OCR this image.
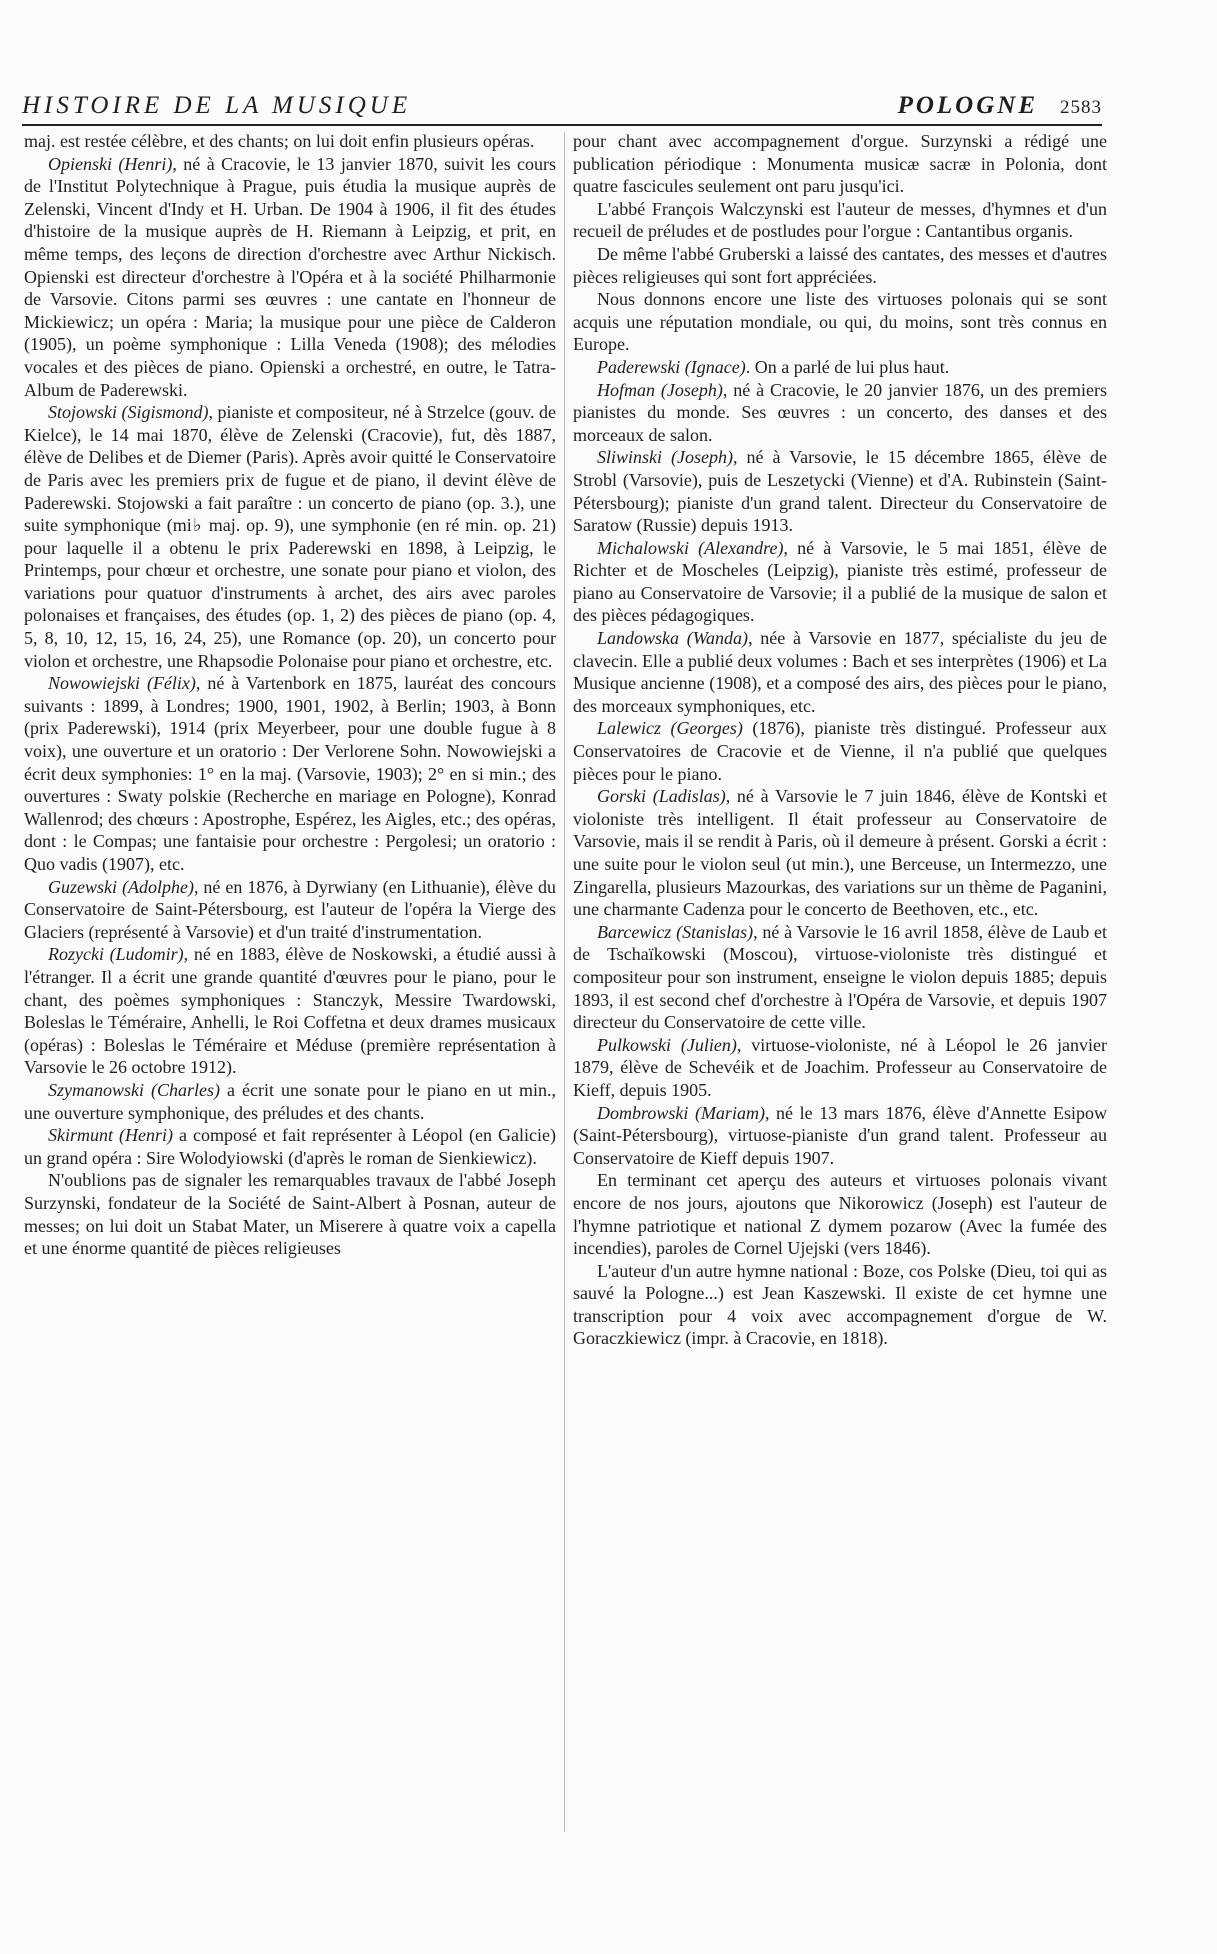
HISTOIRE DE LA MUSIQUE	POLOGNE 2583

maj. est restée célèbre, et des chants; on lui doit enfin plusieurs opéras.

Opienski (Henri), né à Cracovie, le 13 janvier 1870, suivit les cours de l'Institut Polytechnique à Prague, puis étudia la musique auprès de Zelenski, Vincent d'Indy et H. Urban. De 1904 à 1906, il fit des études d'histoire de la musique auprès de H. Riemann à Leipzig, et prit, en même temps, des leçons de direction d'orchestre avec Arthur Nickisch. Opienski est directeur d'orchestre à l'Opéra et à la société Philharmonie de Varsovie. Citons parmi ses œuvres : une cantate en l'honneur de Mickiewicz; un opéra : Maria; la musique pour une pièce de Calderon (1905), un poème symphonique : Lilla Veneda (1908); des mélodies vocales et des pièces de piano. Opienski a orchestré, en outre, le Tatra-Album de Paderewski.

Stojowski (Sigismond), pianiste et compositeur, né à Strzelce (gouv. de Kielce), le 14 mai 1870, élève de Zelenski (Cracovie), fut, dès 1887, élève de Delibes et de Diemer (Paris). Après avoir quitté le Conservatoire de Paris avec les premiers prix de fugue et de piano, il devint élève de Paderewski. Stojowski a fait paraître : un concerto de piano (op. 3.), une suite symphonique (mi♭ maj. op. 9), une symphonie (en ré min. op. 21) pour laquelle il a obtenu le prix Paderewski en 1898, à Leipzig, le Printemps, pour chœur et orchestre, une sonate pour piano et violon, des variations pour quatuor d'instruments à archet, des airs avec paroles polonaises et françaises, des études (op. 1, 2) des pièces de piano (op. 4, 5, 8, 10, 12, 15, 16, 24, 25), une Romance (op. 20), un concerto pour violon et orchestre, une Rhapsodie Polonaise pour piano et orchestre, etc.

Nowowiejski (Félix), né à Vartenbork en 1875, lauréat des concours suivants : 1899, à Londres; 1900, 1901, 1902, à Berlin; 1903, à Bonn (prix Paderewski), 1914 (prix Meyerbeer, pour une double fugue à 8 voix), une ouverture et un oratorio : Der Verlorene Sohn. Nowowiejski a écrit deux symphonies: 1° en la maj. (Varsovie, 1903); 2° en si min.; des ouvertures : Swaty polskie (Recherche en mariage en Pologne), Konrad Wallenrod; des chœurs : Apostrophe, Espérez, les Aigles, etc.; des opéras, dont : le Compas; une fantaisie pour orchestre : Pergolesi; un oratorio : Quo vadis (1907), etc.

Guzewski (Adolphe), né en 1876, à Dyrwiany (en Lithuanie), élève du Conservatoire de Saint-Pétersbourg, est l'auteur de l'opéra la Vierge des Glaciers (représenté à Varsovie) et d'un traité d'instrumentation.

Rozycki (Ludomir), né en 1883, élève de Noskowski, a étudié aussi à l'étranger. Il a écrit une grande quantité d'œuvres pour le piano, pour le chant, des poèmes symphoniques : Stanczyk, Messire Twardowski, Boleslas le Téméraire, Anhelli, le Roi Coffetna et deux drames musicaux (opéras) : Boleslas le Téméraire et Méduse (première représentation à Varsovie le 26 octobre 1912).

Szymanowski (Charles) a écrit une sonate pour le piano en ut min., une ouverture symphonique, des préludes et des chants.

Skirmunt (Henri) a composé et fait représenter à Léopol (en Galicie) un grand opéra : Sire Wolodyiowski (d'après le roman de Sienkiewicz).

N'oublions pas de signaler les remarquables travaux de l'abbé Joseph Surzynski, fondateur de la Société de Saint-Albert à Posnan, auteur de messes; on lui doit un Stabat Mater, un Miserere à quatre voix a capella et une énorme quantité de pièces religieuses

pour chant avec accompagnement d'orgue. Surzynski a rédigé une publication périodique : Monumenta musicæ sacræ in Polonia, dont quatre fascicules seulement ont paru jusqu'ici.

L'abbé François Walczynski est l'auteur de messes, d'hymnes et d'un recueil de préludes et de postludes pour l'orgue : Cantantibus organis.

De même l'abbé Gruberski a laissé des cantates, des messes et d'autres pièces religieuses qui sont fort appréciées.

Nous donnons encore une liste des virtuoses polonais qui se sont acquis une réputation mondiale, ou qui, du moins, sont très connus en Europe.

Paderewski (Ignace). On a parlé de lui plus haut.

Hofman (Joseph), né à Cracovie, le 20 janvier 1876, un des premiers pianistes du monde. Ses œuvres : un concerto, des danses et des morceaux de salon.

Sliwinski (Joseph), né à Varsovie, le 15 décembre 1865, élève de Strobl (Varsovie), puis de Leszetycki (Vienne) et d'A. Rubinstein (Saint-Pétersbourg); pianiste d'un grand talent. Directeur du Conservatoire de Saratow (Russie) depuis 1913.

Michalowski (Alexandre), né à Varsovie, le 5 mai 1851, élève de Richter et de Moscheles (Leipzig), pianiste très estimé, professeur de piano au Conservatoire de Varsovie; il a publié de la musique de salon et des pièces pédagogiques.

Landowska (Wanda), née à Varsovie en 1877, spécialiste du jeu de clavecin. Elle a publié deux volumes : Bach et ses interprètes (1906) et La Musique ancienne (1908), et a composé des airs, des pièces pour le piano, des morceaux symphoniques, etc.

Lalewicz (Georges) (1876), pianiste très distingué. Professeur aux Conservatoires de Cracovie et de Vienne, il n'a publié que quelques pièces pour le piano.

Gorski (Ladislas), né à Varsovie le 7 juin 1846, élève de Kontski et violoniste très intelligent. Il était professeur au Conservatoire de Varsovie, mais il se rendit à Paris, où il demeure à présent. Gorski a écrit : une suite pour le violon seul (ut min.), une Berceuse, un Intermezzo, une Zingarella, plusieurs Mazourkas, des variations sur un thème de Paganini, une charmante Cadenza pour le concerto de Beethoven, etc., etc.

Barcewicz (Stanislas), né à Varsovie le 16 avril 1858, élève de Laub et de Tschaïkowski (Moscou), virtuose-violoniste très distingué et compositeur pour son instrument, enseigne le violon depuis 1885; depuis 1893, il est second chef d'orchestre à l'Opéra de Varsovie, et depuis 1907 directeur du Conservatoire de cette ville.

Pulkowski (Julien), virtuose-violoniste, né à Léopol le 26 janvier 1879, élève de Schevéik et de Joachim. Professeur au Conservatoire de Kieff, depuis 1905.

Dombrowski (Mariam), né le 13 mars 1876, élève d'Annette Esipow (Saint-Pétersbourg), virtuose-pianiste d'un grand talent. Professeur au Conservatoire de Kieff depuis 1907.

En terminant cet aperçu des auteurs et virtuoses polonais vivant encore de nos jours, ajoutons que Nikorowicz (Joseph) est l'auteur de l'hymne patriotique et national Z dymem pozarow (Avec la fumée des incendies), paroles de Cornel Ujejski (vers 1846).

L'auteur d'un autre hymne national : Boze, cos Polske (Dieu, toi qui as sauvé la Pologne...) est Jean Kaszewski. Il existe de cet hymne une transcription pour 4 voix avec accompagnement d'orgue de W. Goraczkiewicz (impr. à Cracovie, en 1818).
